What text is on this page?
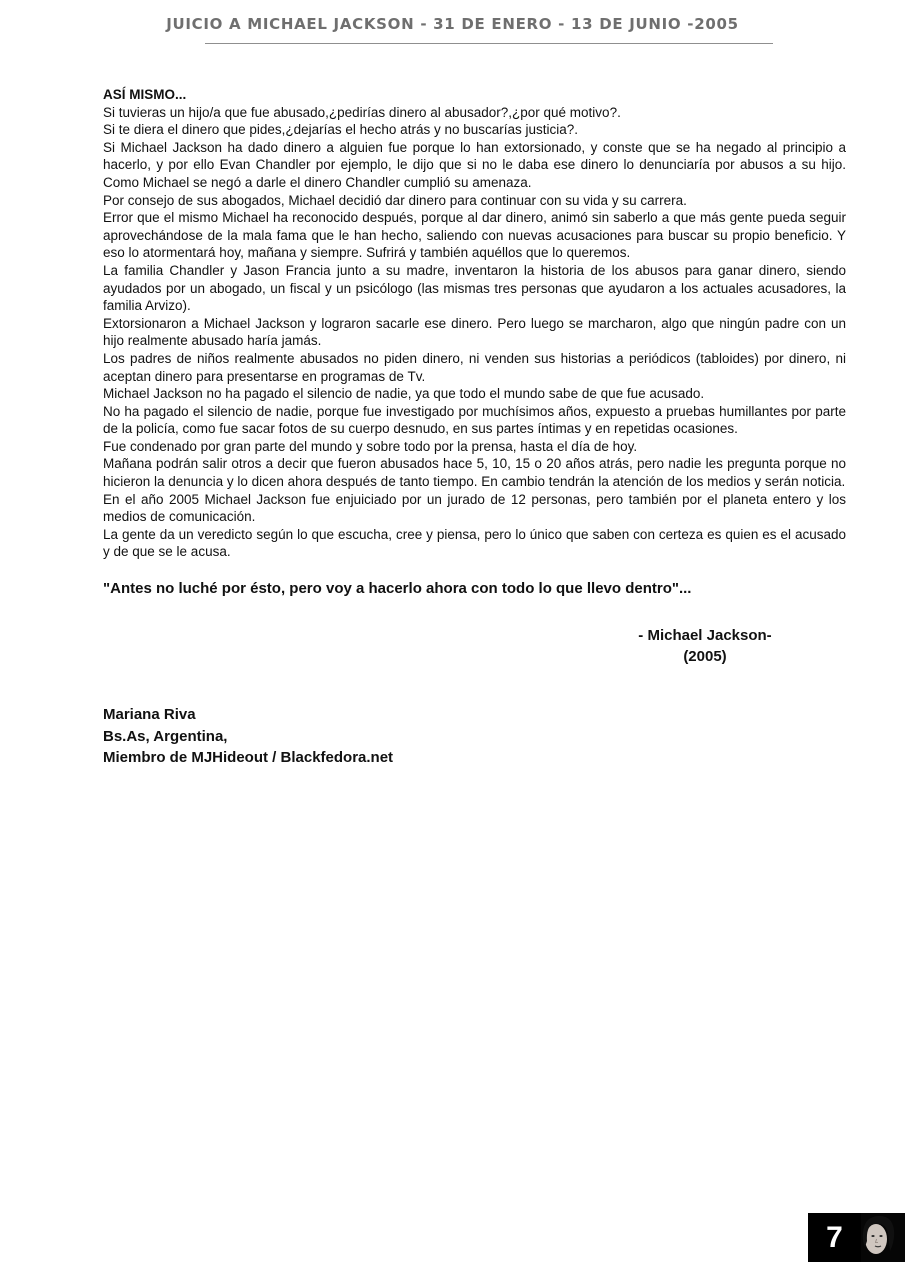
JUICIO A MICHAEL JACKSON - 31 DE ENERO - 13 DE JUNIO -2005

ASÍ MISMO...

Si tuvieras un hijo/a que fue abusado,¿pedirías dinero al abusador?,¿por qué motivo?.

Si te diera el dinero que pides,¿dejarías el hecho atrás y no buscarías justicia?.

Si Michael Jackson ha dado dinero a alguien fue porque lo han extorsionado, y conste que se ha negado al principio a hacerlo, y por ello Evan Chandler por ejemplo, le dijo que si no le daba ese dinero lo denunciaría por abusos a su hijo. Como Michael se negó a darle el dinero Chandler cumplió su amenaza.

Por consejo de sus abogados, Michael decidió dar dinero para continuar con su vida y su carrera.

Error que el mismo Michael ha reconocido después, porque al dar dinero, animó sin saberlo a que más gente pueda seguir aprovechándose de la mala fama que le han hecho, saliendo con nuevas acusaciones para buscar su propio beneficio. Y eso lo atormentará hoy, mañana y siempre. Sufrirá y también aquéllos que lo queremos.

La familia Chandler y Jason Francia junto a su madre, inventaron la historia de los abusos para ganar dinero, siendo ayudados por un abogado, un fiscal y un psicólogo (las mismas tres personas que ayudaron a los actuales acusadores, la familia Arvizo).

Extorsionaron a Michael Jackson y lograron sacarle ese dinero. Pero luego se marcharon, algo que ningún padre con un hijo realmente abusado haría jamás.

Los padres de niños realmente abusados no piden dinero, ni venden sus historias a periódicos (tabloides) por dinero, ni aceptan dinero para presentarse en programas de Tv.

Michael Jackson no ha pagado el silencio de nadie, ya que todo el mundo sabe de que fue acusado.

No ha pagado el silencio de nadie, porque fue investigado por muchísimos años, expuesto a pruebas humillantes por parte de la policía, como fue sacar fotos de su cuerpo desnudo, en sus partes íntimas y en repetidas ocasiones.

Fue condenado por gran parte del mundo y sobre todo por la prensa, hasta el día de hoy.

Mañana podrán salir otros a decir que fueron abusados hace 5, 10, 15 o 20 años atrás, pero nadie les pregunta porque no hicieron la denuncia y lo dicen ahora después de tanto tiempo. En cambio tendrán la atención de los medios y serán noticia.

En el año 2005 Michael Jackson fue enjuiciado por un jurado de 12 personas, pero también por el planeta entero y los medios de comunicación.

La gente da un veredicto según lo que escucha, cree y piensa, pero lo único que saben con certeza es quien es el acusado y de que se le acusa.

"Antes no luché por ésto, pero voy a hacerlo ahora con todo lo que llevo dentro"...

- Michael Jackson-
(2005)
Mariana Riva
Bs.As, Argentina,
Miembro de MJHideout / Blackfedora.net
7
